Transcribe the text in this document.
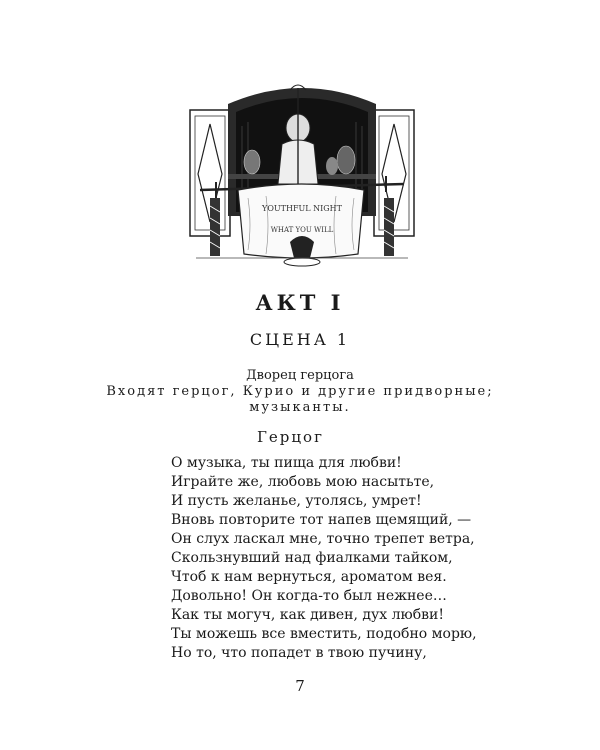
YOUTHFUL NIGHT
WHAT YOU WILL
АКТ I
СЦЕНА 1
Дворец герцога
Входят герцог, Курио и другие придворные;
музыканты.
Герцог
О музыка, ты пища для любви!
Играйте же, любовь мою насытьте,
И пусть желанье, утолясь, умрет!
Вновь повторите тот напев щемящий, —
Он слух ласкал мне, точно трепет ветра,
Скользнувший над фиалками тайком,
Чтоб к нам вернуться, ароматом вея.
Довольно! Он когда-то был нежнее…
Как ты могуч, как дивен, дух любви!
Ты можешь все вместить, подобно морю,
Но то, что попадет в твою пучину,
7
